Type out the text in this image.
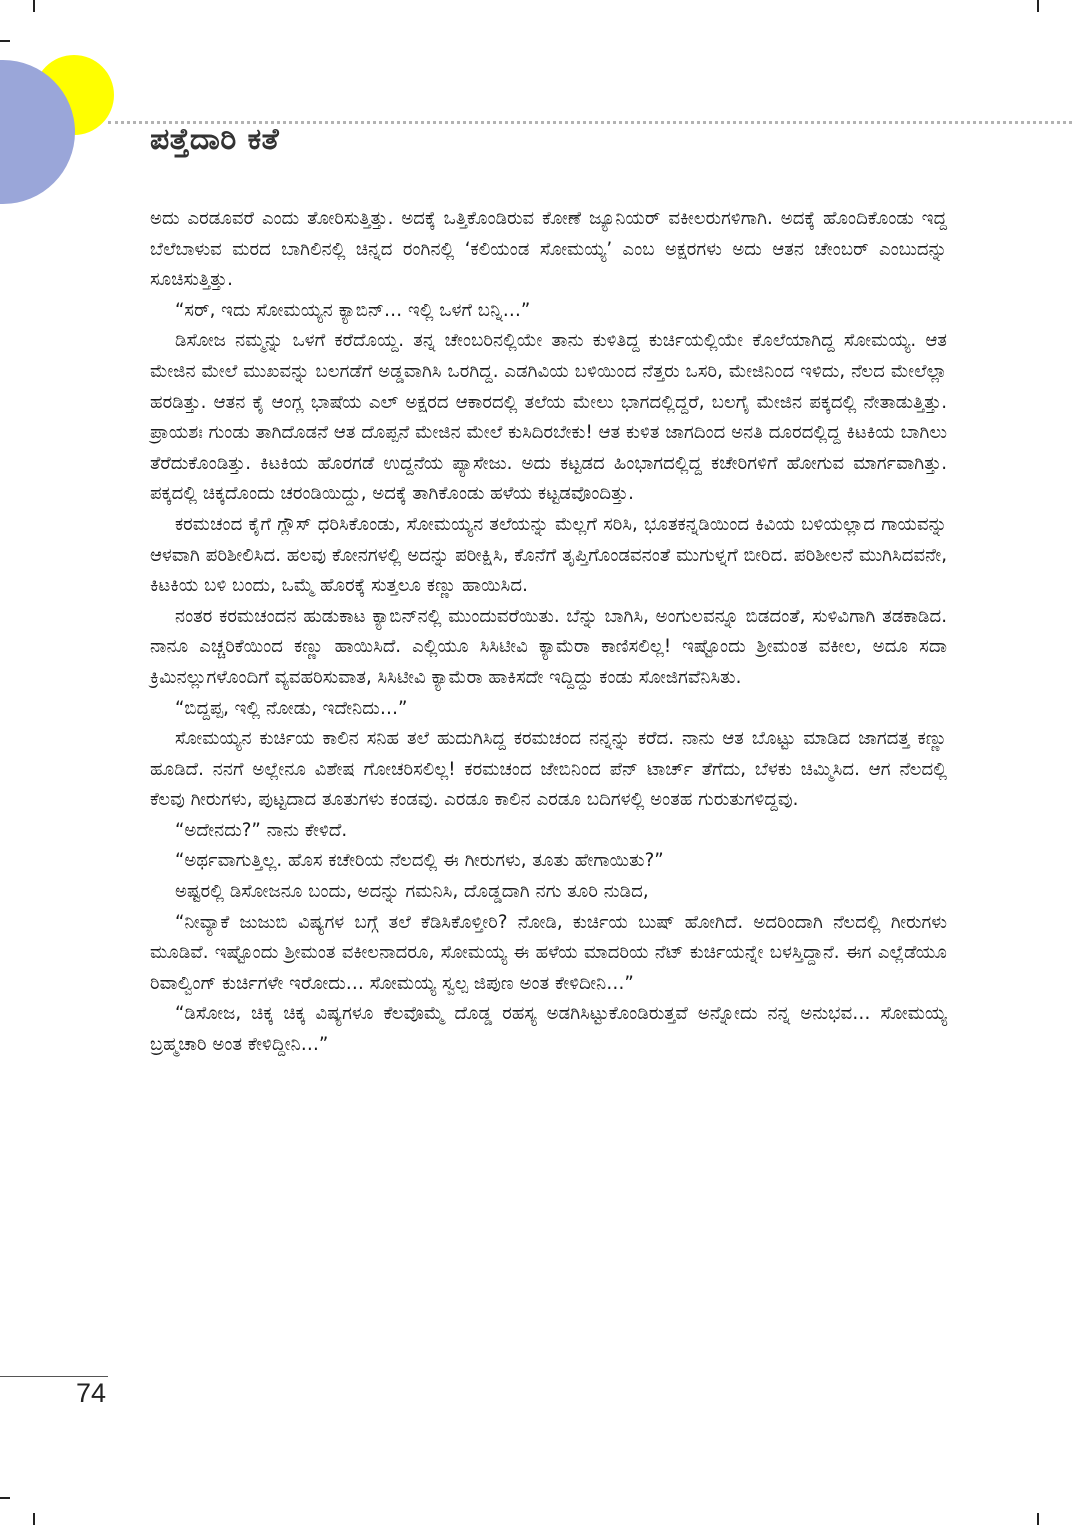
ಪತ್ತೆದಾರಿ ಕತೆ

ಅದು ಎರಡೂವರೆ ಎಂದು ತೋರಿಸುತ್ತಿತ್ತು. ಅದಕ್ಕೆ ಒತ್ತಿಕೊಂಡಿರುವ ಕೋಣೆ ಜ್ಯೂನಿಯರ್ ವಕೀಲರುಗಳಿಗಾಗಿ. ಅದಕ್ಕೆ ಹೊಂದಿಕೊಂಡು ಇದ್ದ ಬೆಲೆಬಾಳುವ ಮರದ ಬಾಗಿಲಿನಲ್ಲಿ ಚಿನ್ನದ ರಂಗಿನಲ್ಲಿ ‘ಕಲಿಯಂಡ ಸೋಮಯ್ಯ’ ಎಂಬ ಅಕ್ಷರಗಳು ಅದು ಆತನ ಚೇಂಬರ್ ಎಂಬುದನ್ನು ಸೂಚಿಸುತ್ತಿತ್ತು.

“ಸರ್, ಇದು ಸೋಮಯ್ಯನ ಕ್ಯಾಬಿನ್… ಇಲ್ಲಿ ಒಳಗೆ ಬನ್ನಿ…”

ಡಿಸೋಜ ನಮ್ಮನ್ನು ಒಳಗೆ ಕರೆದೊಯ್ದ. ತನ್ನ ಚೇಂಬರಿನಲ್ಲಿಯೇ ತಾನು ಕುಳಿತಿದ್ದ ಕುರ್ಚಿಯಲ್ಲಿಯೇ ಕೊಲೆಯಾಗಿದ್ದ ಸೋಮಯ್ಯ. ಆತ ಮೇಜಿನ ಮೇಲೆ ಮುಖವನ್ನು ಬಲಗಡೆಗೆ ಅಡ್ಡವಾಗಿಸಿ ಒರಗಿದ್ದ. ಎಡಗಿವಿಯ ಬಳಿಯಿಂದ ನೆತ್ತರು ಒಸರಿ, ಮೇಜಿನಿಂದ ಇಳಿದು, ನೆಲದ ಮೇಲೆಲ್ಲಾ ಹರಡಿತ್ತು. ಆತನ ಕೈ ಆಂಗ್ಲ ಭಾಷೆಯ ಎಲ್ ಅಕ್ಷರದ ಆಕಾರದಲ್ಲಿ ತಲೆಯ ಮೇಲು ಭಾಗದಲ್ಲಿದ್ದರೆ, ಬಲಗೈ ಮೇಜಿನ ಪಕ್ಕದಲ್ಲಿ ನೇತಾಡುತ್ತಿತ್ತು. ಪ್ರಾಯಶಃ ಗುಂಡು ತಾಗಿದೊಡನೆ ಆತ ದೊಪ್ಪನೆ ಮೇಜಿನ ಮೇಲೆ ಕುಸಿದಿರಬೇಕು! ಆತ ಕುಳಿತ ಜಾಗದಿಂದ ಅನತಿ ದೂರದಲ್ಲಿದ್ದ ಕಿಟಕಿಯ ಬಾಗಿಲು ತೆರೆದುಕೊಂಡಿತ್ತು. ಕಿಟಕಿಯ ಹೊರಗಡೆ ಉದ್ದನೆಯ ಪ್ಯಾಸೇಜು. ಅದು ಕಟ್ಟಡದ ಹಿಂಭಾಗದಲ್ಲಿದ್ದ ಕಚೇರಿಗಳಿಗೆ ಹೋಗುವ ಮಾರ್ಗವಾಗಿತ್ತು. ಪಕ್ಕದಲ್ಲಿ ಚಿಕ್ಕದೊಂದು ಚರಂಡಿಯಿದ್ದು, ಅದಕ್ಕೆ ತಾಗಿಕೊಂಡು ಹಳೆಯ ಕಟ್ಟಡವೊಂದಿತ್ತು.

ಕರಮಚಂದ ಕೈಗೆ ಗ್ಲೌಸ್ ಧರಿಸಿಕೊಂಡು, ಸೋಮಯ್ಯನ ತಲೆಯನ್ನು ಮೆಲ್ಲಗೆ ಸರಿಸಿ, ಭೂತಕನ್ನಡಿಯಿಂದ ಕಿವಿಯ ಬಳಿಯಲ್ಲಾದ ಗಾಯವನ್ನು ಆಳವಾಗಿ ಪರಿಶೀಲಿಸಿದ. ಹಲವು ಕೋನಗಳಲ್ಲಿ ಅದನ್ನು ಪರೀಕ್ಷಿಸಿ, ಕೊನೆಗೆ ತೃಪ್ತಿಗೊಂಡವನಂತೆ ಮುಗುಳ್ನಗೆ ಬೀರಿದ. ಪರಿಶೀಲನೆ ಮುಗಿಸಿದವನೇ, ಕಿಟಕಿಯ ಬಳಿ ಬಂದು, ಒಮ್ಮೆ ಹೊರಕ್ಕೆ ಸುತ್ತಲೂ ಕಣ್ಣು ಹಾಯಿಸಿದ.

ನಂತರ ಕರಮಚಂದನ ಹುಡುಕಾಟ ಕ್ಯಾಬಿನ್‌ನಲ್ಲಿ ಮುಂದುವರೆಯಿತು. ಬೆನ್ನು ಬಾಗಿಸಿ, ಅಂಗುಲವನ್ನೂ ಬಿಡದಂತೆ, ಸುಳಿವಿಗಾಗಿ ತಡಕಾಡಿದ. ನಾನೂ ಎಚ್ಚರಿಕೆಯಿಂದ ಕಣ್ಣು ಹಾಯಿಸಿದೆ. ಎಲ್ಲಿಯೂ ಸಿಸಿಟೀವಿ ಕ್ಯಾಮೆರಾ ಕಾಣಿಸಲಿಲ್ಲ! ಇಷ್ಟೊಂದು ಶ್ರೀಮಂತ ವಕೀಲ, ಅದೂ ಸದಾ ಕ್ರಿಮಿನಲ್ಲುಗಳೊಂದಿಗೆ ವ್ಯವಹರಿಸುವಾತ, ಸಿಸಿಟೀವಿ ಕ್ಯಾಮೆರಾ ಹಾಕಿಸದೇ ಇದ್ದಿದ್ದು ಕಂಡು ಸೋಜಿಗವೆನಿಸಿತು.

“ಬಿದ್ದಪ್ಪ, ಇಲ್ಲಿ ನೋಡು, ಇದೇನಿದು…”

ಸೋಮಯ್ಯನ ಕುರ್ಚಿಯ ಕಾಲಿನ ಸನಿಹ ತಲೆ ಹುದುಗಿಸಿದ್ದ ಕರಮಚಂದ ನನ್ನನ್ನು ಕರೆದ. ನಾನು ಆತ ಬೊಟ್ಟು ಮಾಡಿದ ಜಾಗದತ್ತ ಕಣ್ಣು ಹೂಡಿದೆ. ನನಗೆ ಅಲ್ಲೇನೂ ವಿಶೇಷ ಗೋಚರಿಸಲಿಲ್ಲ! ಕರಮಚಂದ ಜೇಬಿನಿಂದ ಪೆನ್ ಟಾರ್ಚ್ ತೆಗೆದು, ಬೆಳಕು ಚಿಮ್ಮಿಸಿದ. ಆಗ ನೆಲದಲ್ಲಿ ಕೆಲವು ಗೀರುಗಳು, ಪುಟ್ಟದಾದ ತೂತುಗಳು ಕಂಡವು. ಎರಡೂ ಕಾಲಿನ ಎರಡೂ ಬದಿಗಳಲ್ಲಿ ಅಂತಹ ಗುರುತುಗಳಿದ್ದವು.

“ಅದೇನದು?” ನಾನು ಕೇಳಿದೆ.

“ಅರ್ಥವಾಗುತ್ತಿಲ್ಲ. ಹೊಸ ಕಚೇರಿಯ ನೆಲದಲ್ಲಿ ಈ ಗೀರುಗಳು, ತೂತು ಹೇಗಾಯಿತು?”

ಅಷ್ಟರಲ್ಲಿ ಡಿಸೋಜನೂ ಬಂದು, ಅದನ್ನು ಗಮನಿಸಿ, ದೊಡ್ಡದಾಗಿ ನಗು ತೂರಿ ನುಡಿದ,

“ನೀವ್ಯಾಕೆ ಜುಜುಬಿ ವಿಷ್ಯಗಳ ಬಗ್ಗೆ ತಲೆ ಕೆಡಿಸಿಕೊಳ್ತೀರಿ? ನೋಡಿ, ಕುರ್ಚಿಯ ಬುಷ್ ಹೋಗಿದೆ. ಅದರಿಂದಾಗಿ ನೆಲದಲ್ಲಿ ಗೀರುಗಳು ಮೂಡಿವೆ. ಇಷ್ಟೊಂದು ಶ್ರೀಮಂತ ವಕೀಲನಾದರೂ, ಸೋಮಯ್ಯ ಈ ಹಳೆಯ ಮಾದರಿಯ ನೆಟ್ ಕುರ್ಚಿಯನ್ನೇ ಬಳಸ್ತಿದ್ದಾನೆ. ಈಗ ಎಲ್ಲೆಡೆಯೂ ರಿವಾಲ್ವಿಂಗ್ ಕುರ್ಚಿಗಳೇ ಇರೋದು… ಸೋಮಯ್ಯ ಸ್ವಲ್ಪ ಜಿಪುಣ ಅಂತ ಕೇಳಿದೀನಿ…”

“ಡಿಸೋಜ, ಚಿಕ್ಕ ಚಿಕ್ಕ ವಿಷ್ಯಗಳೂ ಕೆಲವೊಮ್ಮೆ ದೊಡ್ಡ ರಹಸ್ಯ ಅಡಗಿಸಿಟ್ಟುಕೊಂಡಿರುತ್ತವೆ ಅನ್ನೋದು ನನ್ನ ಅನುಭವ… ಸೋಮಯ್ಯ ಬ್ರಹ್ಮಚಾರಿ ಅಂತ ಕೇಳಿದ್ದೀನಿ…”

74
